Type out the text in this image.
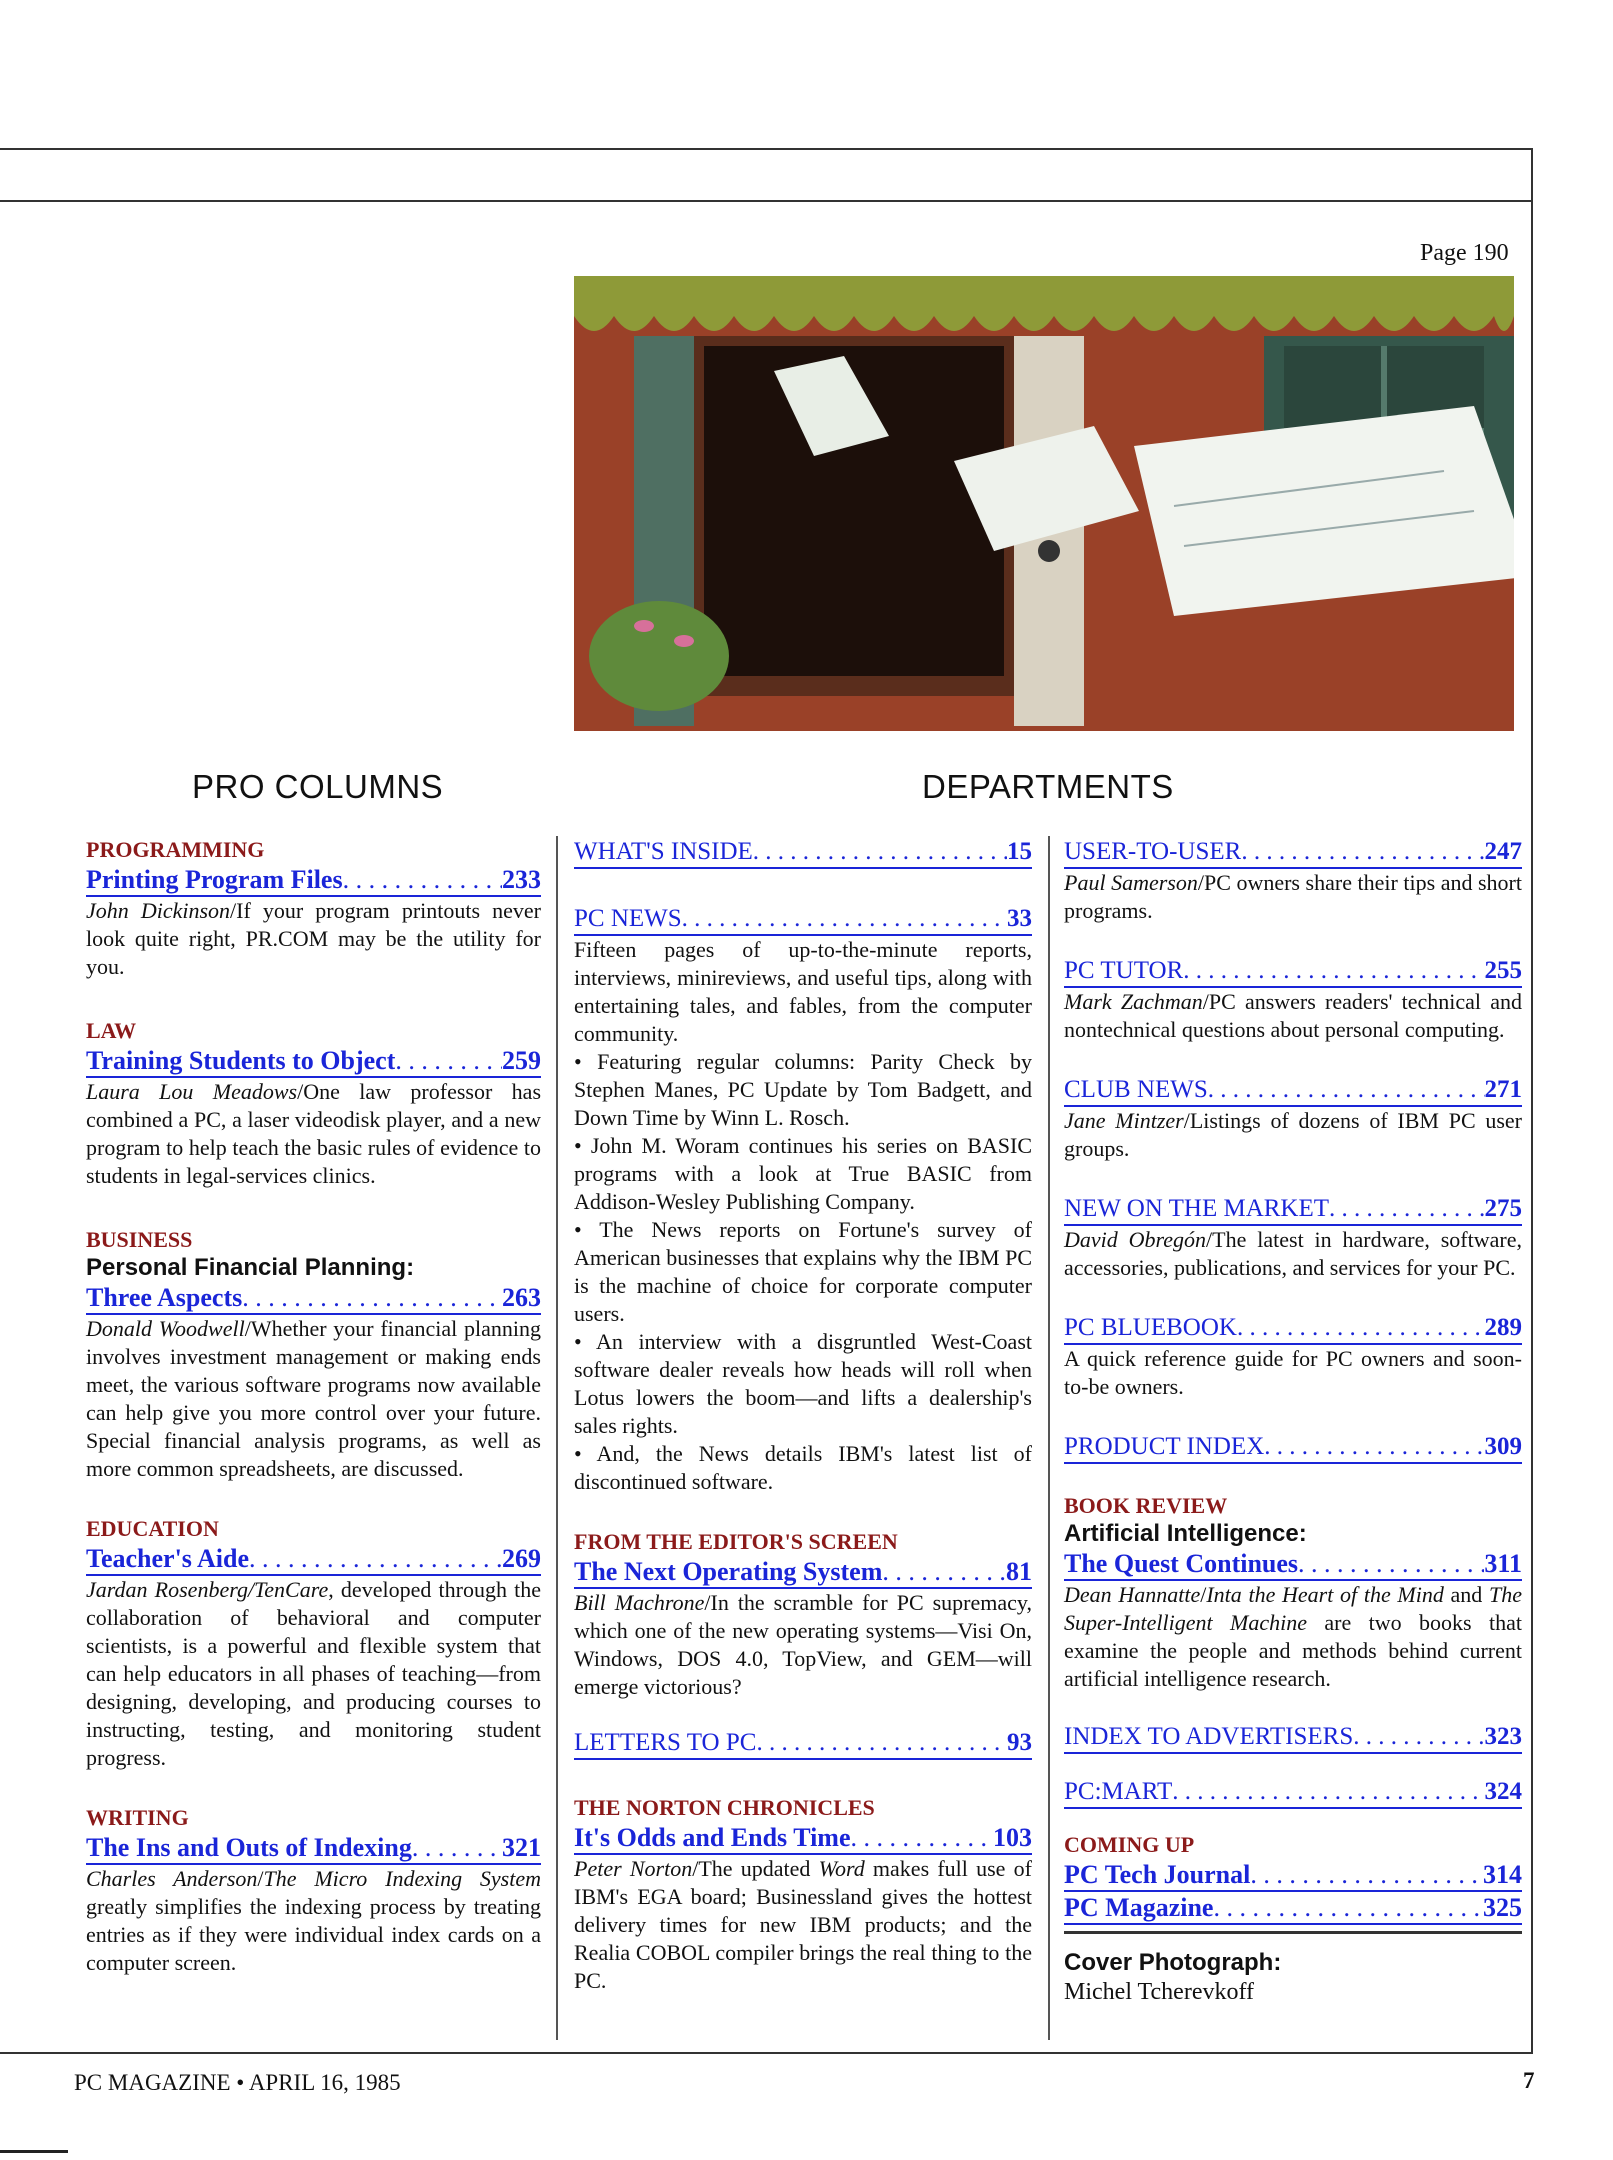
Page 190
PRO COLUMNS	DEPARTMENTS
PROGRAMMING
Printing Program Files . . .	233
John Dickinson/If your program printouts never look quite right, PR.COM may be the utility for you.
LAW
Training Students to Object . . .	259
Laura Lou Meadows/One law professor has combined a PC, a laser videodisk player, and a new program to help teach the basic rules of evidence to students in legal-services clinics.
BUSINESS
Personal Financial Planning:
Three Aspects . . .	263
Donald Woodwell/Whether your financial planning involves investment management or making ends meet, the various software programs now available can help give you more control over your future. Special financial analysis programs, as well as more common spreadsheets, are discussed.
EDUCATION
Teacher's Aide . . .	269
Jardan Rosenberg/TenCare, developed through the collaboration of behavioral and computer scientists, is a powerful and flexible system that can help educators in all phases of teaching—from designing, developing, and producing courses to instructing, testing, and monitoring student progress.
WRITING
The Ins and Outs of Indexing . . .	321
Charles Anderson/The Micro Indexing System greatly simplifies the indexing process by treating entries as if they were individual index cards on a computer screen.
WHAT'S INSIDE . . .	15
PC NEWS . . .	33
Fifteen pages of up-to-the-minute reports, interviews, minireviews, and useful tips, along with entertaining tales, and fables, from the computer community.
• Featuring regular columns: Parity Check by Stephen Manes, PC Update by Tom Badgett, and Down Time by Winn L. Rosch.
• John M. Woram continues his series on BASIC programs with a look at True BASIC from Addison-Wesley Publishing Company.
• The News reports on Fortune's survey of American businesses that explains why the IBM PC is the machine of choice for corporate computer users.
• An interview with a disgruntled West-Coast software dealer reveals how heads will roll when Lotus lowers the boom—and lifts a dealership's sales rights.
• And, the News details IBM's latest list of discontinued software.
FROM THE EDITOR'S SCREEN
The Next Operating System . . .	81
Bill Machrone/In the scramble for PC supremacy, which one of the new operating systems—Visi On, Windows, DOS 4.0, TopView, and GEM—will emerge victorious?
LETTERS TO PC . . .	93
THE NORTON CHRONICLES
It's Odds and Ends Time . . .	103
Peter Norton/The updated Word makes full use of IBM's EGA board; Businessland gives the hottest delivery times for new IBM products; and the Realia COBOL compiler brings the real thing to the PC.
USER-TO-USER . . .	247
Paul Samerson/PC owners share their tips and short programs.
PC TUTOR . . .	255
Mark Zachman/PC answers readers' technical and nontechnical questions about personal computing.
CLUB NEWS . . .	271
Jane Mintzer/Listings of dozens of IBM PC user groups.
NEW ON THE MARKET . . .	275
David Obregón/The latest in hardware, software, accessories, publications, and services for your PC.
PC BLUEBOOK . . .	289
A quick reference guide for PC owners and soon-to-be owners.
PRODUCT INDEX . . .	309
BOOK REVIEW
Artificial Intelligence:
The Quest Continues . . .	311
Dean Hannatte/Inta the Heart of the Mind and The Super-Intelligent Machine are two books that examine the people and methods behind current artificial intelligence research.
INDEX TO ADVERTISERS . . .	323
PC:MART . . .	324
COMING UP
PC Tech Journal . . .	314
PC Magazine . . .	325
Cover Photograph:
Michel Tcherevkoff
PC MAGAZINE • APRIL 16, 1985	7
